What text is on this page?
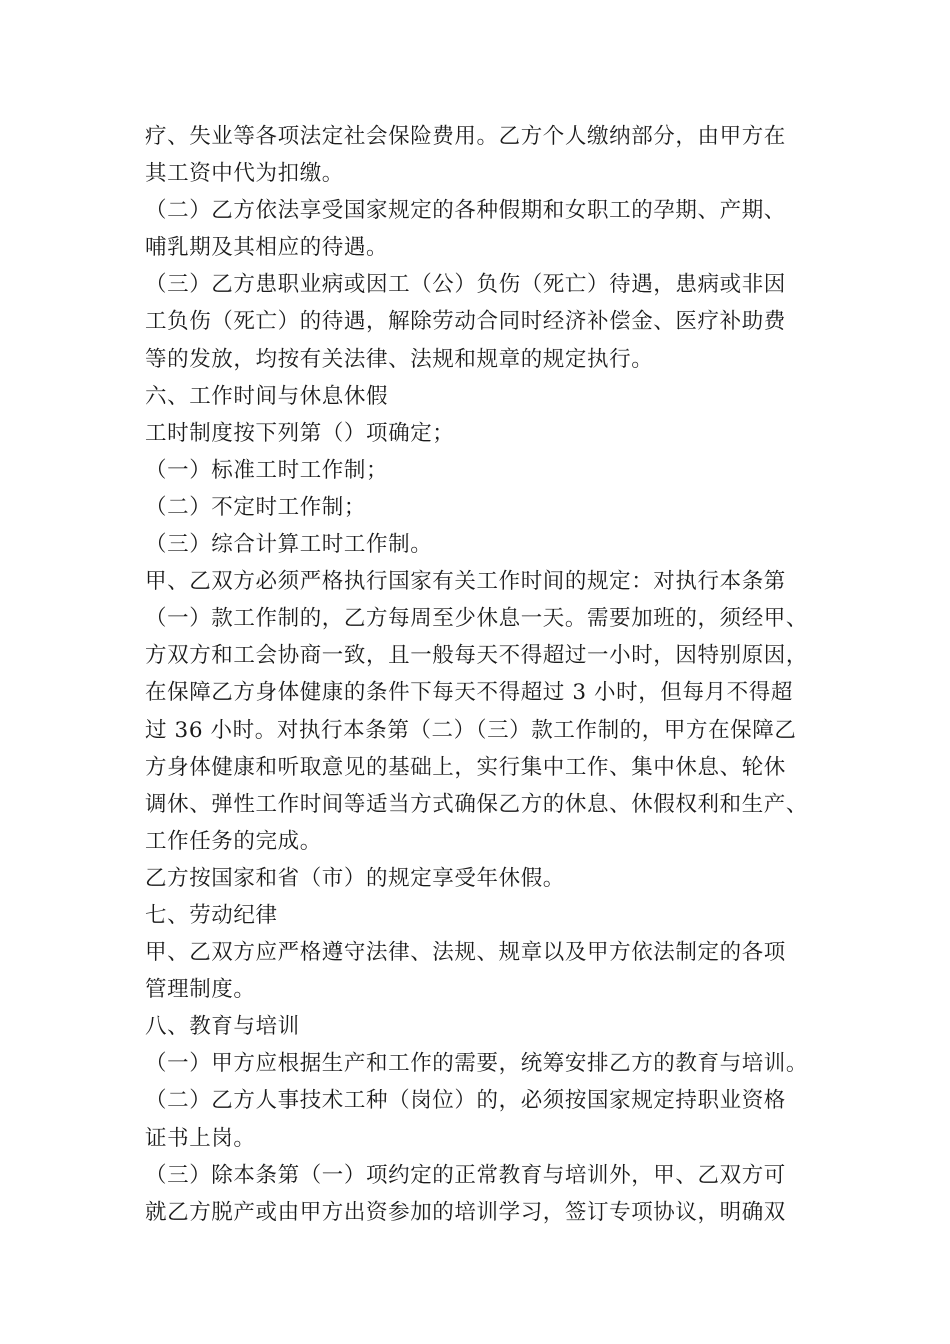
疗、失业等各项法定社会保险费用。乙方个人缴纳部分，由甲方在
其工资中代为扣缴。
（二）乙方依法享受国家规定的各种假期和女职工的孕期、产期、
哺乳期及其相应的待遇。
（三）乙方患职业病或因工（公）负伤（死亡）待遇，患病或非因
工负伤（死亡）的待遇，解除劳动合同时经济补偿金、医疗补助费
等的发放，均按有关法律、法规和规章的规定执行。
六、工作时间与休息休假
工时制度按下列第（）项确定；
（一）标准工时工作制；
（二）不定时工作制；
（三）综合计算工时工作制。
甲、乙双方必须严格执行国家有关工作时间的规定：对执行本条第
（一）款工作制的，乙方每周至少休息一天。需要加班的，须经甲、
方双方和工会协商一致，且一般每天不得超过一小时，因特别原因，
在保障乙方身体健康的条件下每天不得超过 3 小时，但每月不得超
过 36 小时。对执行本条第（二）（三）款工作制的，甲方在保障乙
方身体健康和听取意见的基础上，实行集中工作、集中休息、轮休
调休、弹性工作时间等适当方式确保乙方的休息、休假权利和生产、
工作任务的完成。
乙方按国家和省（市）的规定享受年休假。
七、劳动纪律
甲、乙双方应严格遵守法律、法规、规章以及甲方依法制定的各项
管理制度。
八、教育与培训
（一）甲方应根据生产和工作的需要，统筹安排乙方的教育与培训。
（二）乙方人事技术工种（岗位）的，必须按国家规定持职业资格
证书上岗。
（三）除本条第（一）项约定的正常教育与培训外，甲、乙双方可
就乙方脱产或由甲方出资参加的培训学习，签订专项协议，明确双
